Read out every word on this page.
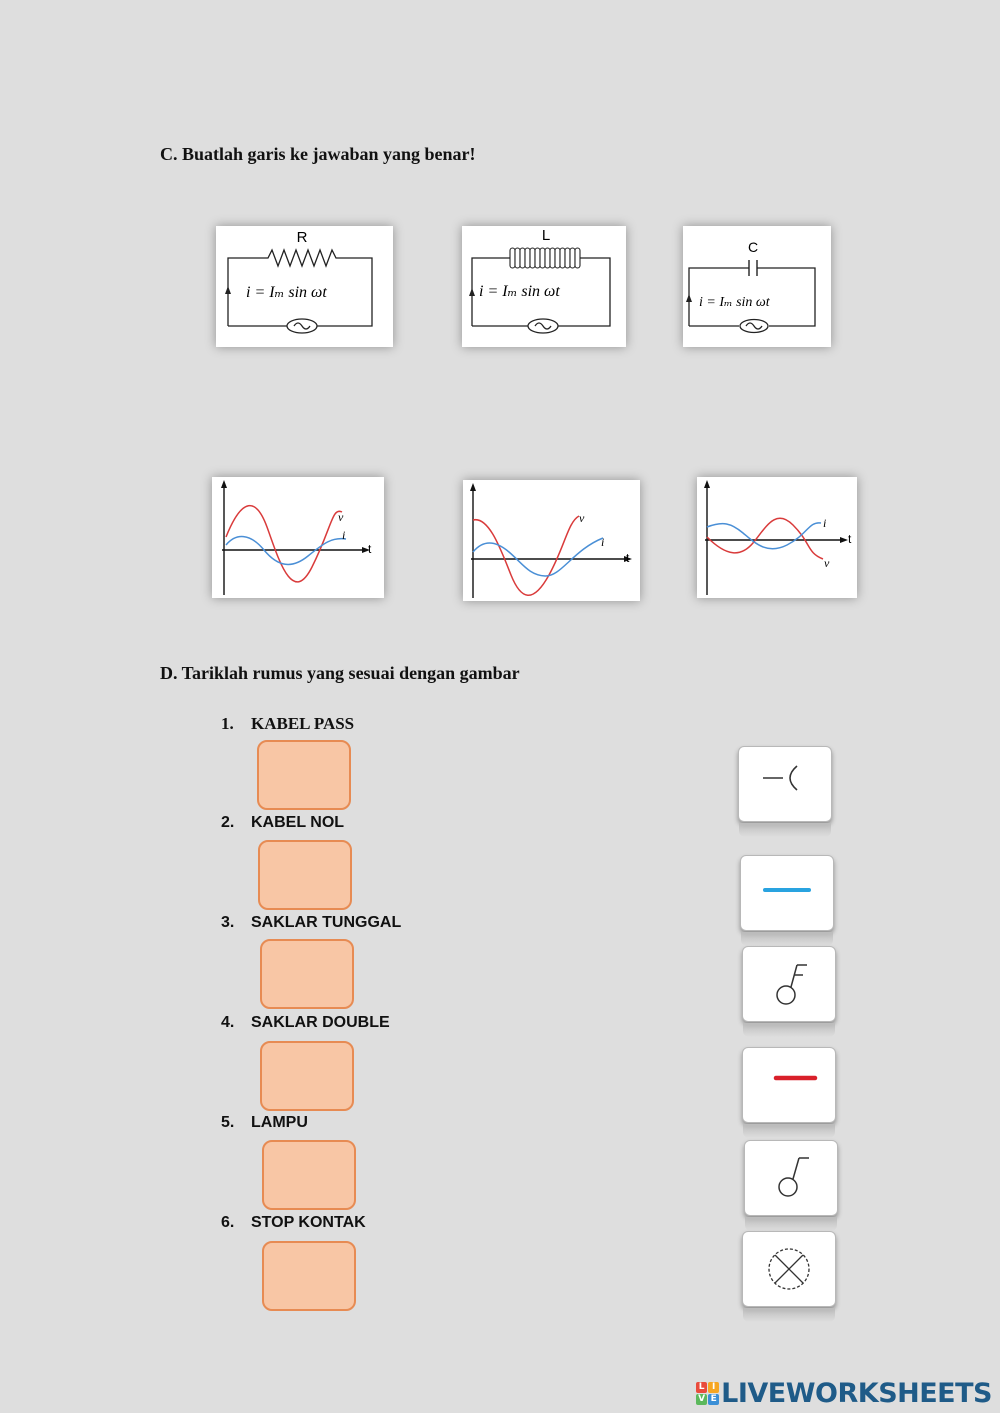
C. Buatlah garis ke jawaban yang benar!
R
i = Iₘ sin ωt
L
i = Iₘ sin ωt
C
i = Iₘ sin ωt
v
i
t
v
i
t
i
v
t
D. Tariklah rumus yang sesuai dengan gambar
1. KABEL PASS
2. KABEL NOL
3. SAKLAR TUNGGAL
4. SAKLAR DOUBLE
5. LAMPU
6. STOP KONTAK
L I
V E LIVEWORKSHEETS
